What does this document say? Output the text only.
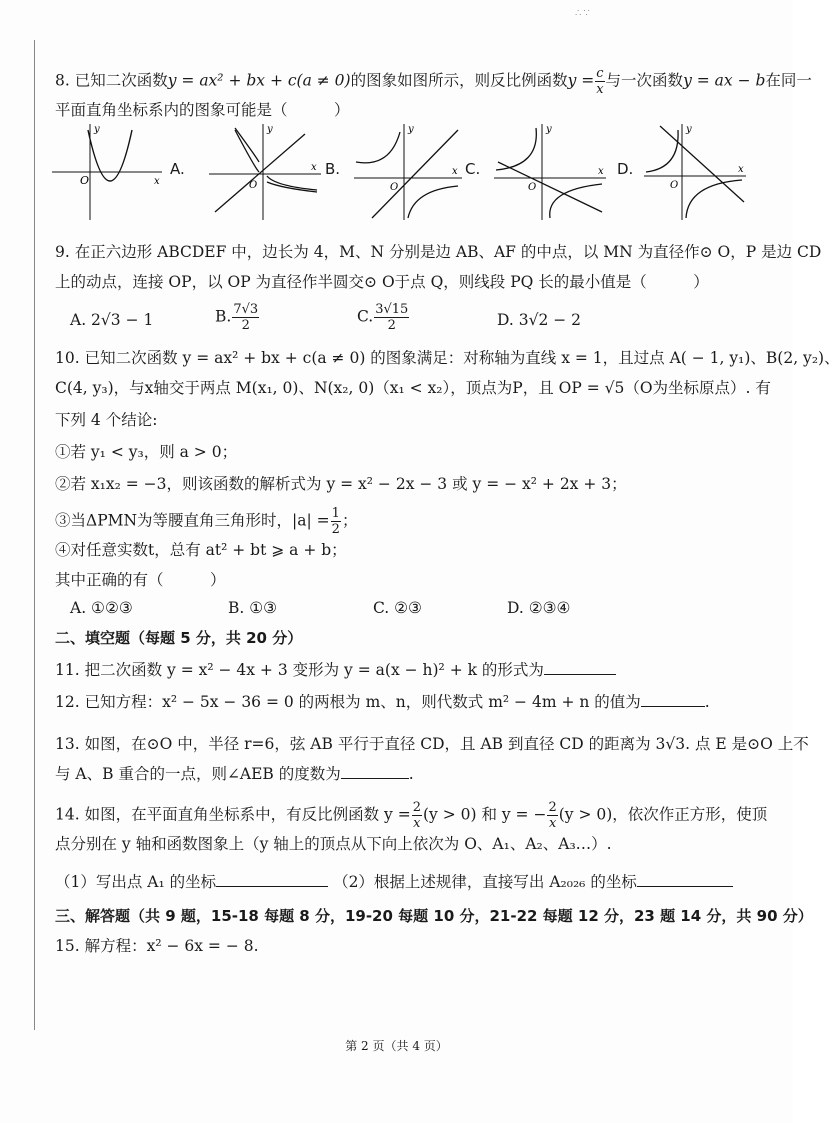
∴∵
8. 已知二次函数y = ax² + bx + c(a ≠ 0)的图象如图所示，则反比例函数$y = \frac{c}{x}$ 与一次函数y = ax − b在同一
平面直角坐标系内的图象可能是（　　　）
O	x
y
A.
O
x
y
B.
O
x
y
C.
O
x
y
D.
O
x
y
9. 在正六边形 ABCDEF 中，边长为 4，M、N 分别是边 AB、AF 的中点，以 MN 为直径作⊙ O，P 是边 CD
上的动点，连接 OP，以 OP 为直径作半圆交⊙ O于点 Q，则线段 PQ 长的最小值是（　　　）
A. 2√3 − 1	B. $\frac{7√3}{2}$	C. $\frac{3√15}{2}$	D. 3√2 − 2
10. 已知二次函数 y = ax² + bx + c(a ≠ 0) 的图象满足：对称轴为直线 x = 1，且过点 A( − 1, y₁)、B(2, y₂)、
C(4, y₃)，与x轴交于两点 M(x₁, 0)、N(x₂, 0)（x₁ < x₂），顶点为P，且 OP = √5（O为坐标原点）. 有
下列 4 个结论:
①若 y₁ < y₃，则 a > 0；
②若 x₁x₂ = −3，则该函数的解析式为 y = x² − 2x − 3 或 y = − x² + 2x + 3；
③当ΔPMN为等腰直角三角形时，$|a| = \frac{1}{2}$ ；
④对任意实数t，总有 at² + bt ⩾ a + b；
其中正确的有（　　　）
A. ①②③	B. ①③	C. ②③	D. ②③④
二、填空题（每题 5 分，共 20 分）
11. 把二次函数 y = x² − 4x + 3 变形为 y = a(x − h)² + k 的形式为
12. 已知方程：x² − 5x − 36 = 0 的两根为 m、n，则代数式 m² − 4m + n 的值为	.
13. 如图，在⊙O 中，半径 r=6，弦 AB 平行于直径 CD，且 AB 到直径 CD 的距离为 3√3. 点 E 是⊙O 上不
与 A、B 重合的一点，则∠AEB 的度数为	.
14. 如图，在平面直角坐标系中，有反比例函数 $y = \frac{2}{x} (y > 0)$ 和 y = − $\frac{2}{x} (y > 0)$，依次作正方形，使顶
点分别在 y 轴和函数图象上（y 轴上的顶点从下向上依次为 O、A₁、A₂、A₃…）.
（1）写出点 A₁ 的坐标	（2）根据上述规律，直接写出 A₂₀₂₆ 的坐标
三、解答题（共 9 题，15-18 每题 8 分，19-20 每题 10 分，21-22 每题 12 分，23 题 14 分，共 90 分）
15. 解方程：x² − 6x = − 8.
第 2 页（共 4 页）
